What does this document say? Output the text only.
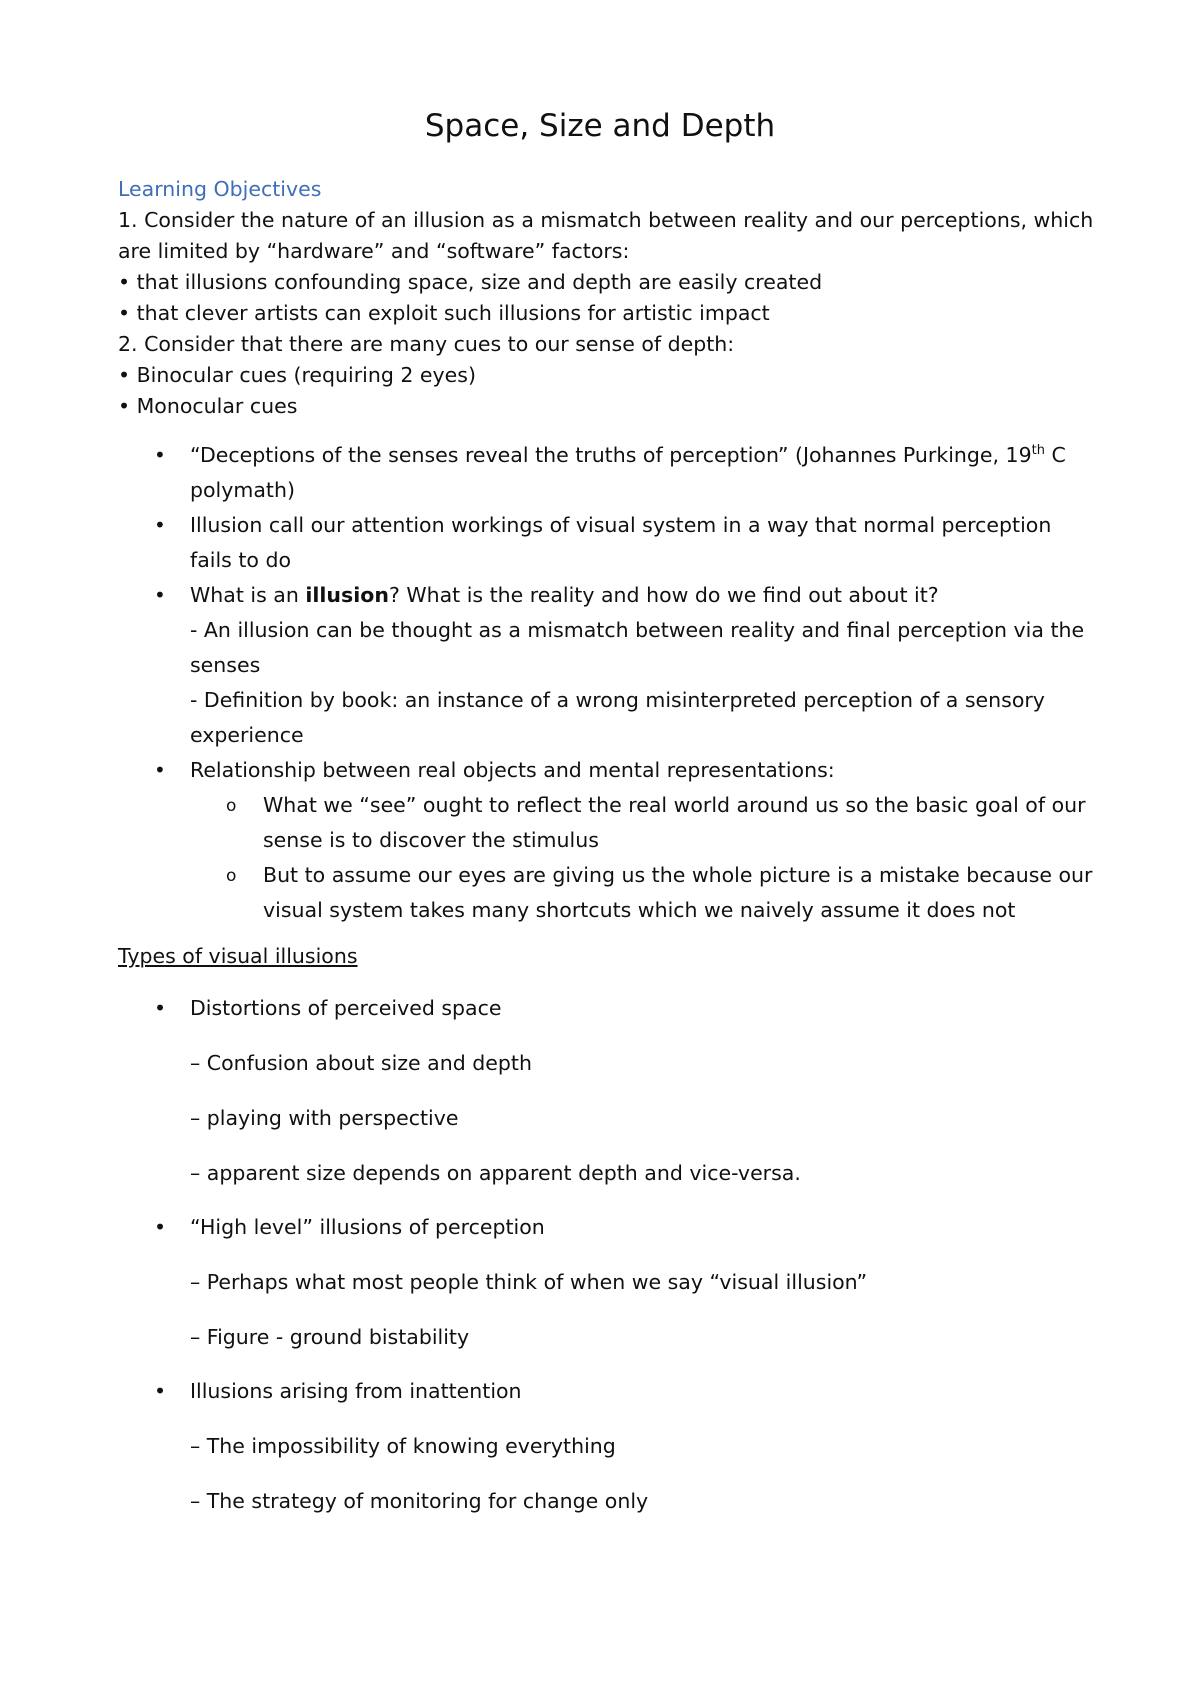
Space, Size and Depth
Learning Objectives
1. Consider the nature of an illusion as a mismatch between reality and our perceptions, which are limited by “hardware” and “software” factors:
• that illusions confounding space, size and depth are easily created
• that clever artists can exploit such illusions for artistic impact
2. Consider that there are many cues to our sense of depth:
• Binocular cues (requiring 2 eyes)
• Monocular cues
• “Deceptions of the senses reveal the truths of perception” (Johannes Purkinge, 19th C polymath)
• Illusion call our attention workings of visual system in a way that normal perception fails to do
• What is an illusion? What is the reality and how do we find out about it?
- An illusion can be thought as a mismatch between reality and final perception via the senses
- Definition by book: an instance of a wrong misinterpreted perception of a sensory experience
• Relationship between real objects and mental representations:
o What we “see” ought to reflect the real world around us so the basic goal of our sense is to discover the stimulus
o But to assume our eyes are giving us the whole picture is a mistake because our visual system takes many shortcuts which we naively assume it does not
Types of visual illusions
• Distortions of perceived space
– Confusion about size and depth
– playing with perspective
– apparent size depends on apparent depth and vice-versa.
• “High level” illusions of perception
– Perhaps what most people think of when we say “visual illusion”
– Figure - ground bistability
• Illusions arising from inattention
– The impossibility of knowing everything
– The strategy of monitoring for change only
